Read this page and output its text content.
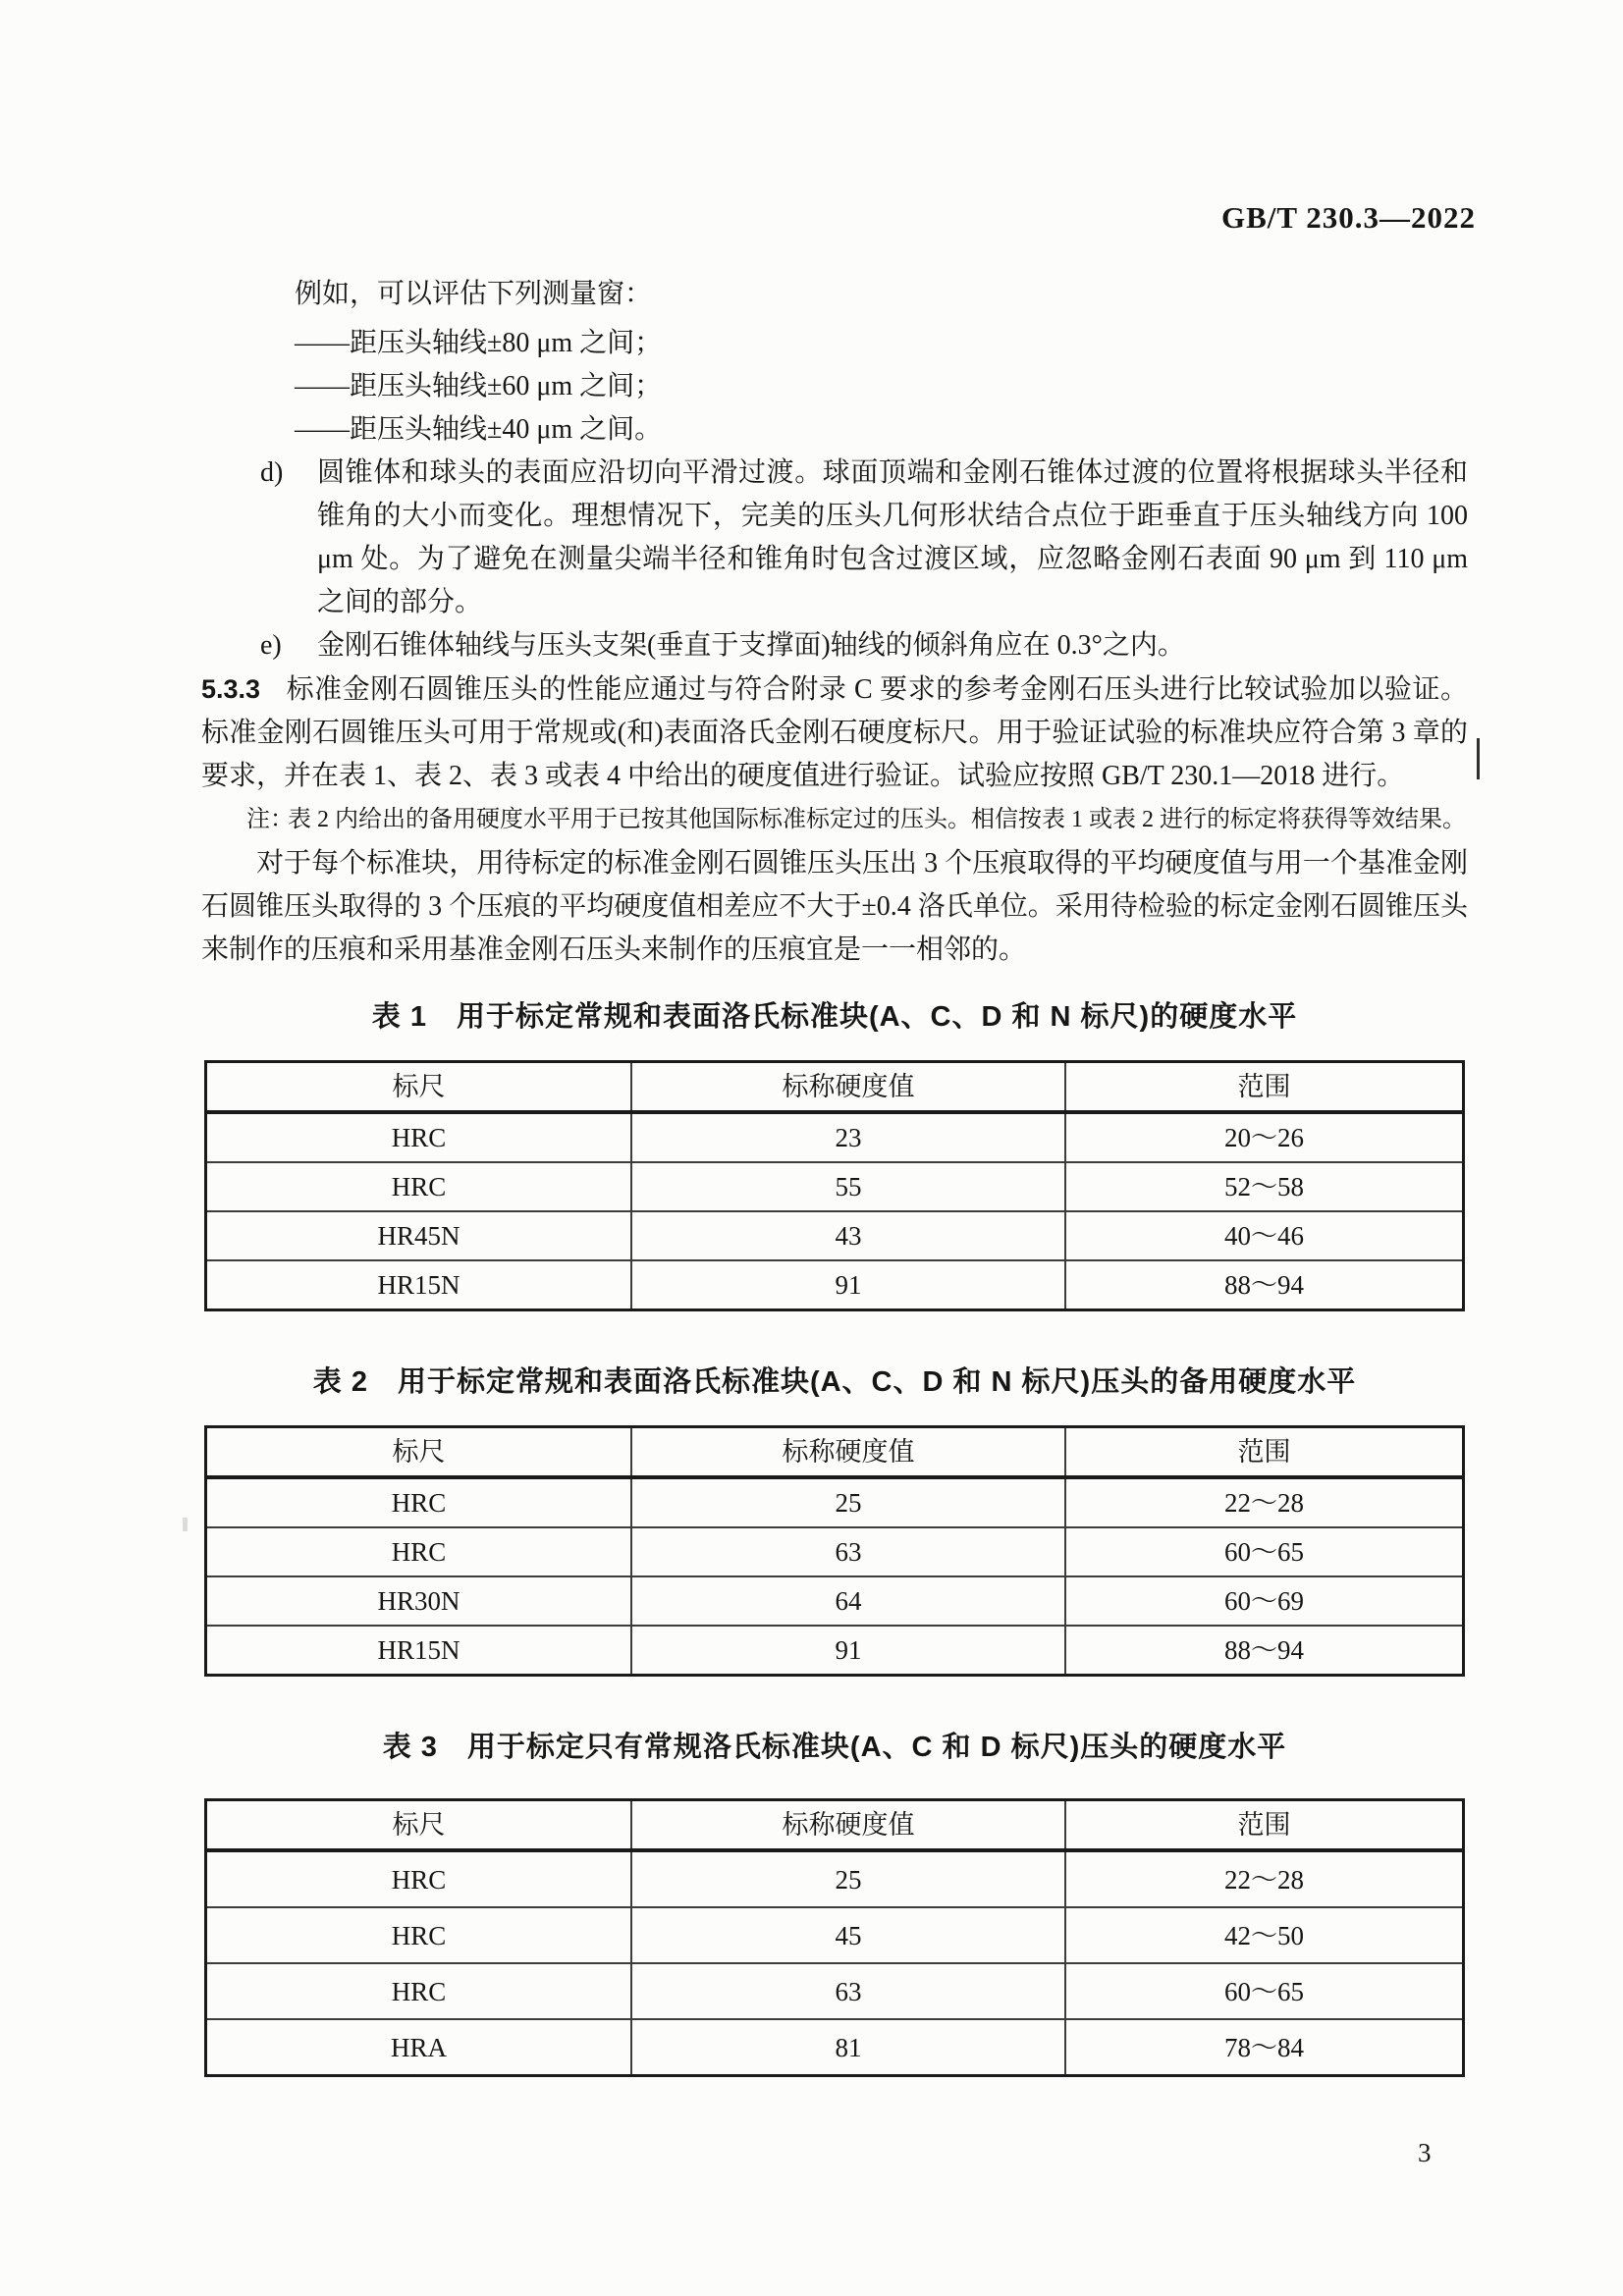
GB/T 230.3—2022
例如，可以评估下列测量窗：
——距压头轴线±80 μm 之间；
——距压头轴线±60 μm 之间；
——距压头轴线±40 μm 之间。
d) 圆锥体和球头的表面应沿切向平滑过渡。球面顶端和金刚石锥体过渡的位置将根据球头半径和锥角的大小而变化。理想情况下，完美的压头几何形状结合点位于距垂直于压头轴线方向 100 μm 处。为了避免在测量尖端半径和锥角时包含过渡区域，应忽略金刚石表面 90 μm 到 110 μm 之间的部分。
e) 金刚石锥体轴线与压头支架(垂直于支撑面)轴线的倾斜角应在 0.3°之内。
5.3.3 标准金刚石圆锥压头的性能应通过与符合附录 C 要求的参考金刚石压头进行比较试验加以验证。标准金刚石圆锥压头可用于常规或(和)表面洛氏金刚石硬度标尺。用于验证试验的标准块应符合第 3 章的要求，并在表 1、表 2、表 3 或表 4 中给出的硬度值进行验证。试验应按照 GB/T 230.1—2018 进行。
注：
表 2 内给出的备用硬度水平用于已按其他国际标准标定过的压头。相信按表 1 或表 2 进行的标定将获得等效结果。
对于每个标准块，用待标定的标准金刚石圆锥压头压出 3 个压痕取得的平均硬度值与用一个基准金刚石圆锥压头取得的 3 个压痕的平均硬度值相差应不大于±0.4 洛氏单位。采用待检验的标定金刚石圆锥压头来制作的压痕和采用基准金刚石压头来制作的压痕宜是一一相邻的。
表 1 用于标定常规和表面洛氏标准块(A、C、D 和 N 标尺)的硬度水平
标尺	标称硬度值	范围
HRC	23	20～26
HRC	55	52～58
HR45N	43	40～46
HR15N	91	88～94
表 2 用于标定常规和表面洛氏标准块(A、C、D 和 N 标尺)压头的备用硬度水平
标尺	标称硬度值	范围
HRC	25	22～28
HRC	63	60～65
HR30N	64	60～69
HR15N	91	88～94
表 3 用于标定只有常规洛氏标准块(A、C 和 D 标尺)压头的硬度水平
标尺	标称硬度值	范围
HRC	25	22～28
HRC	45	42～50
HRC	63	60～65
HRA	81	78～84
3
